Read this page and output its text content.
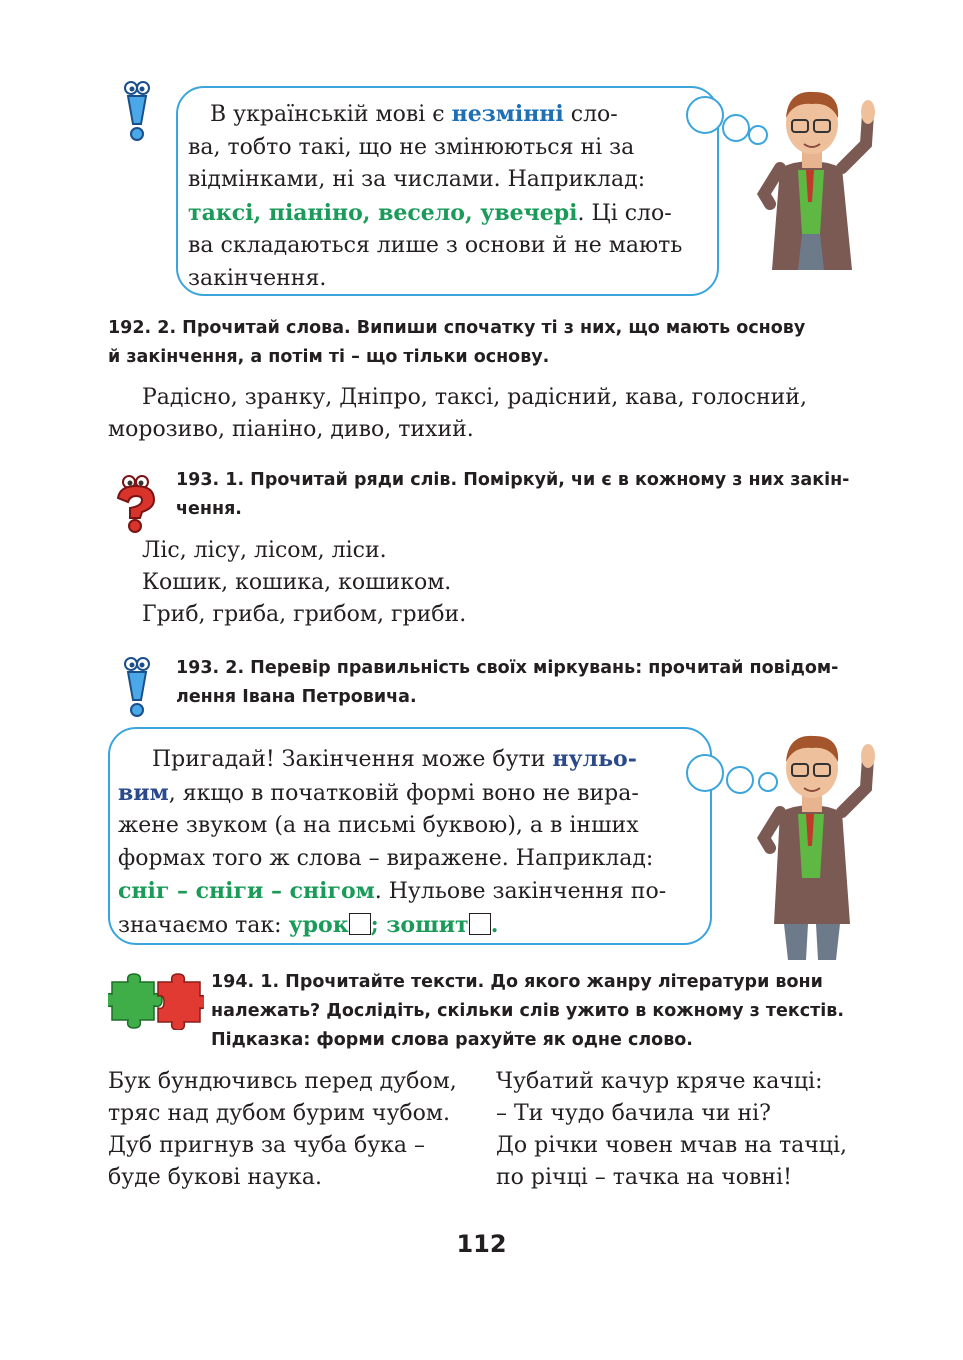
В українській мові є незмінні сло-

ва, тобто такі, що не змінюються ні за

відмінками, ні за числами. Наприклад:

таксі, піаніно, весело, увечері. Ці сло-

ва складаються лише з основи й не мають

закінчення.

192. 2. Прочитай слова. Випиши спочатку ті з них, що мають основу
й закінчення, а потім ті – що тільки основу.
Радісно, зранку, Дніпро, таксі, радісний, кава, голосний,
морозиво, піаніно, диво, тихий.
193. 1. Прочитай ряди слів. Поміркуй, чи є в кожному з них закін-
чення.
Ліс, лісу, лісом, ліси.
Кошик, кошика, кошиком.
Гриб, гриба, грибом, гриби.
193. 2. Перевір правильність своїх міркувань: прочитай повідом-
лення Івана Петровича.

Пригадай! Закінчення може бути нульо-

вим, якщо в початковій формі воно не вира-

жене звуком (а на письмі буквою), а в інших

формах того ж слова – виражене. Наприклад:

сніг – сніги – снігом. Нульове закінчення по-

значаємо так: урок ; зошит .

194. 1. Прочитайте тексти. До якого жанру літератури вони
належать? Дослідіть, скільки слів ужито в кожному з текстів.
Підказка: форми слова рахуйте як одне слово.
Бук бундючивсь перед дубом,
тряс над дубом бурим чубом.
Дуб пригнув за чуба бука –
буде букові наука.
Чубатий качур кряче качці:
– Ти чудо бачила чи ні?
До річки човен мчав на тачці,
по річці – тачка на човні!
112
